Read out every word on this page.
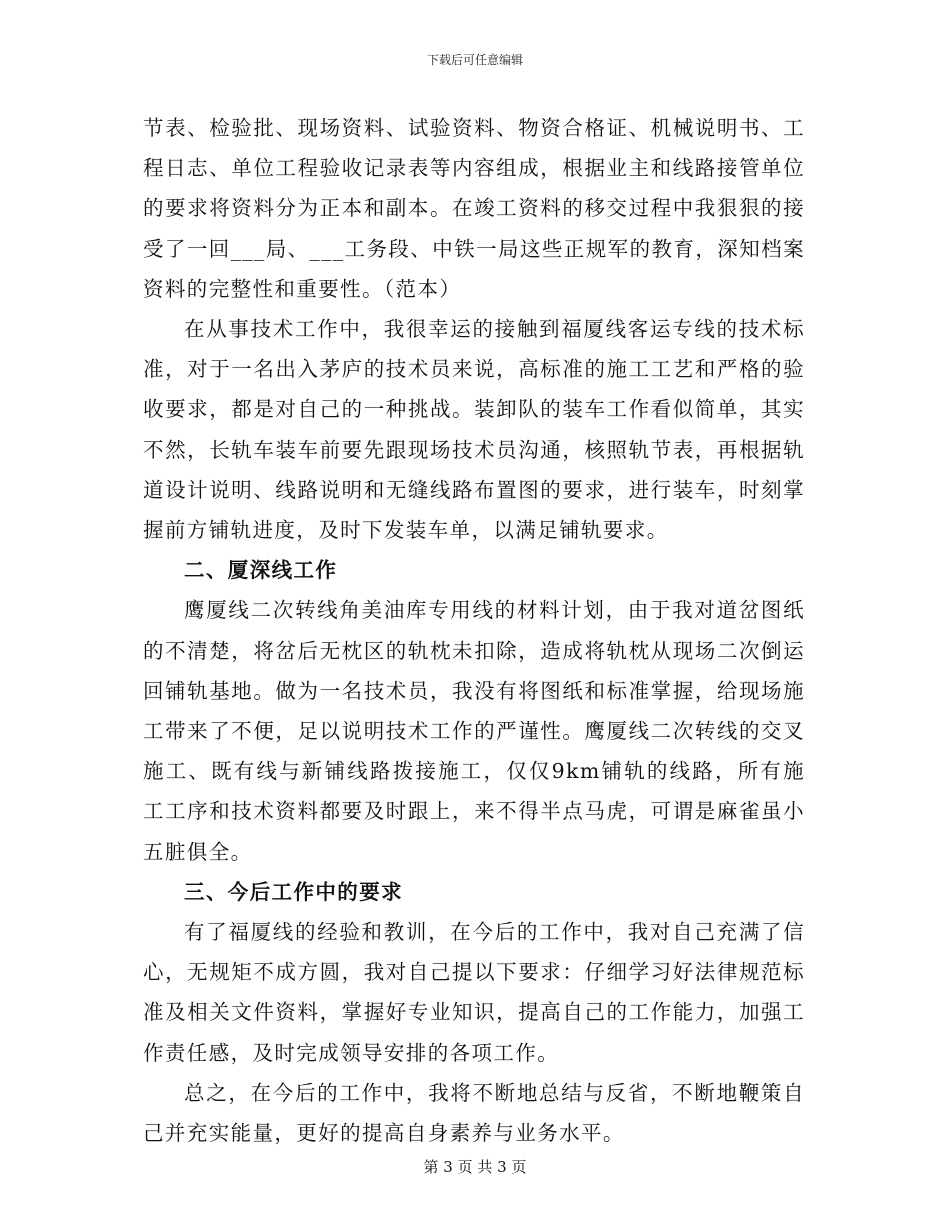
下载后可任意编辑

节表、检验批、现场资料、试验资料、物资合格证、机械说明书、工程日志、单位工程验收记录表等内容组成，根据业主和线路接管单位的要求将资料分为正本和副本。在竣工资料的移交过程中我狠狠的接受了一回___局、___工务段、中铁一局这些正规军的教育，深知档案资料的完整性和重要性。（范本）

在从事技术工作中，我很幸运的接触到福厦线客运专线的技术标准，对于一名出入茅庐的技术员来说，高标准的施工工艺和严格的验收要求，都是对自己的一种挑战。装卸队的装车工作看似简单，其实不然，长轨车装车前要先跟现场技术员沟通，核照轨节表，再根据轨道设计说明、线路说明和无缝线路布置图的要求，进行装车，时刻掌握前方铺轨进度，及时下发装车单，以满足铺轨要求。

二、厦深线工作

鹰厦线二次转线角美油库专用线的材料计划，由于我对道岔图纸的不清楚，将岔后无枕区的轨枕未扣除，造成将轨枕从现场二次倒运回铺轨基地。做为一名技术员，我没有将图纸和标准掌握，给现场施工带来了不便，足以说明技术工作的严谨性。鹰厦线二次转线的交叉施工、既有线与新铺线路拨接施工，仅仅9km铺轨的线路，所有施工工序和技术资料都要及时跟上，来不得半点马虎，可谓是麻雀虽小五脏俱全。

三、今后工作中的要求

有了福厦线的经验和教训，在今后的工作中，我对自己充满了信心，无规矩不成方圆，我对自己提以下要求：仔细学习好法律规范标准及相关文件资料，掌握好专业知识，提高自己的工作能力，加强工作责任感，及时完成领导安排的各项工作。

总之，在今后的工作中，我将不断地总结与反省，不断地鞭策自己并充实能量，更好的提高自身素养与业务水平。

第 3 页 共 3 页
